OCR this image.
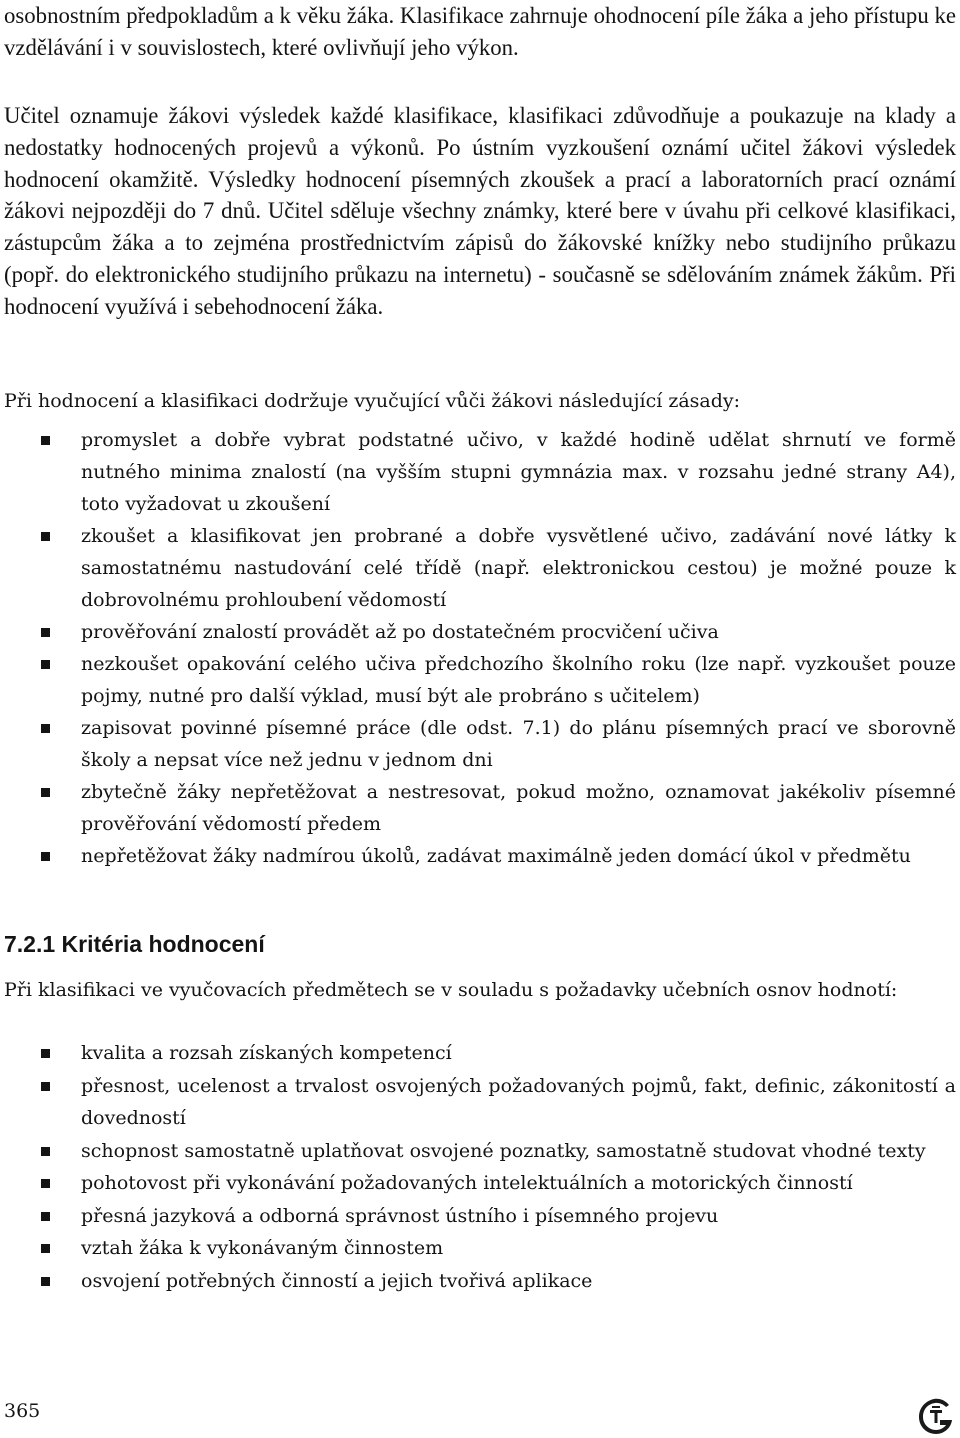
osobnostním předpokladům a k věku žáka. Klasifikace zahrnuje ohodnocení píle žáka a jeho přístupu ke vzdělávání i v souvislostech, které ovlivňují jeho výkon.

Učitel oznamuje žákovi výsledek každé klasifikace, klasifikaci zdůvodňuje a poukazuje na klady a nedostatky hodnocených projevů a výkonů. Po ústním vyzkoušení oznámí učitel žákovi výsledek hodnocení okamžitě. Výsledky hodnocení písemných zkoušek a prací a laboratorních prací oznámí žákovi nejpozději do 7 dnů. Učitel sděluje všechny známky, které bere v úvahu při celkové klasifikaci, zástupcům žáka a to zejména prostřednictvím zápisů do žákovské knížky nebo studijního průkazu (popř. do elektronického studijního průkazu na internetu) - současně se sdělováním známek žákům. Při hodnocení využívá i sebehodnocení žáka.

Při hodnocení a klasifikaci dodržuje vyučující vůči žákovi následující zásady:

promyslet a dobře vybrat podstatné učivo, v každé hodině udělat shrnutí ve formě nutného minima znalostí (na vyšším stupni gymnázia max. v rozsahu jedné strany A4), toto vyžadovat u zkoušení
zkoušet a klasifikovat jen probrané a dobře vysvětlené učivo, zadávání nové látky k samostatnému nastudování celé třídě (např. elektronickou cestou) je možné pouze k dobrovolnému prohloubení vědomostí
prověřování znalostí provádět až po dostatečném procvičení učiva
nezkoušet opakování celého učiva předchozího školního roku (lze např. vyzkoušet pouze pojmy, nutné pro další výklad, musí být ale probráno s učitelem)
zapisovat povinné písemné práce (dle odst. 7.1) do plánu písemných prací ve sborovně školy a nepsat více než jednu v jednom dni
zbytečně žáky nepřetěžovat a nestresovat, pokud možno, oznamovat jakékoliv písemné prověřování vědomostí předem
nepřetěžovat žáky nadmírou úkolů, zadávat maximálně jeden domácí úkol v předmětu
7.2.1 Kritéria hodnocení

Při klasifikaci ve vyučovacích předmětech se v souladu s požadavky učebních osnov hodnotí:

kvalita a rozsah získaných kompetencí
přesnost, ucelenost a trvalost osvojených požadovaných pojmů, fakt, definic, zákonitostí a dovedností
schopnost samostatně uplatňovat osvojené poznatky, samostatně studovat vhodné texty
pohotovost při vykonávání požadovaných intelektuálních a motorických činností
přesná jazyková a odborná správnost ústního i písemného projevu
vztah žáka k vykonávaným činnostem
osvojení potřebných činností a jejich tvořivá aplikace
365
